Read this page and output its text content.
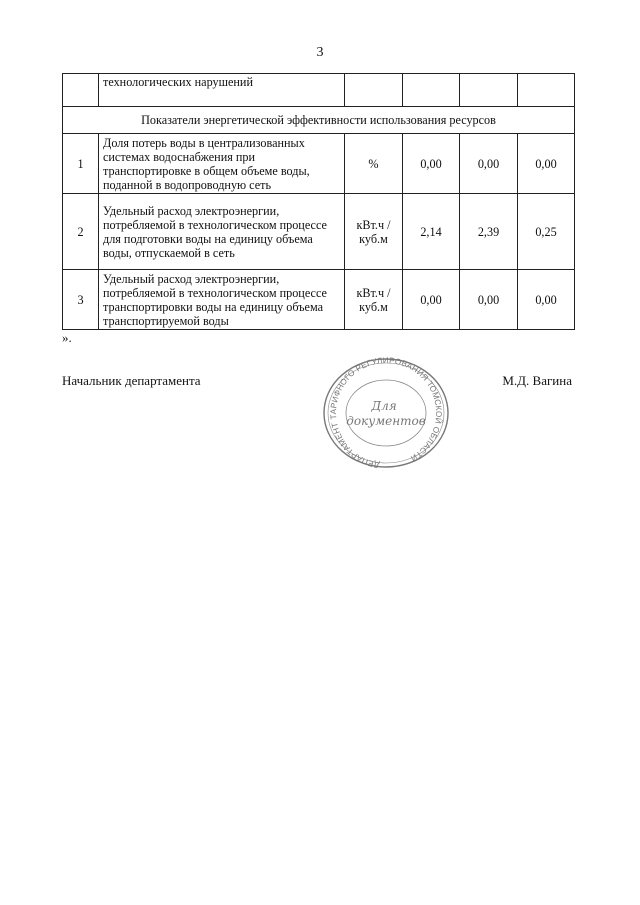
3
	технологических нарушений				
Показатели энергетической эффективности использования ресурсов					
1	Доля потерь воды в централизованных системах водоснабжения при транспортировке в общем объеме воды, поданной в водопроводную сеть	%	0,00	0,00	0,00
2	Удельный расход электроэнергии, потребляемой в технологическом процессе для подготовки воды на единицу объема воды, отпускаемой в сеть	кВт.ч / куб.м	2,14	2,39	0,25
3	Удельный расход электроэнергии, потребляемой в технологическом процессе транспортировки воды на единицу объема транспортируемой воды	кВт.ч / куб.м	0,00	0,00	0,00
».
Начальник департамента	М.Д. Вагина
ДЕПАРТАМЕНТ ТАРИФНОГО РЕГУЛИРОВАНИЯ ТОМСКОЙ ОБЛАСТИ
Для
документов
